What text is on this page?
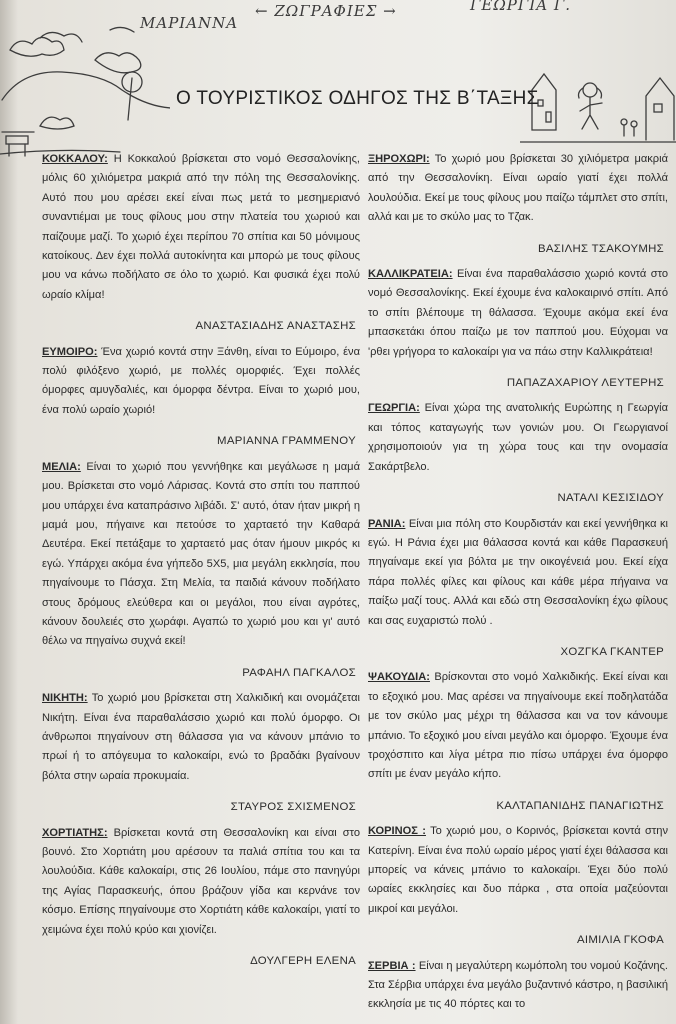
ΜΑΡΙΑΝΝΑ
← ΖΩΓΡΑΦΙΕΣ →	ΓΕΩΡΓΙΑ Γ.
Ο ΤΟΥΡΙΣΤΙΚΟΣ ΟΔΗΓΟΣ ΤΗΣ Β΄ΤΑΞΗΣ

ΚΟΚΚΑΛΟΥ: Η Κοκκαλού βρίσκεται στο νομό Θεσσαλονίκης, μόλις 60 χιλιόμετρα μακριά από την πόλη της Θεσσαλονίκης. Αυτό που μου αρέσει εκεί είναι πως μετά το μεσημεριανό συναντιέμαι με τους φίλους μου στην πλατεία του χωριού και παίζουμε μαζί. Το χωριό έχει περίπου 70 σπίτια και 50 μόνιμους κατοίκους. Δεν έχει πολλά αυτοκίνητα και μπορώ με τους φίλους μου να κάνω ποδήλατο σε όλο το χωριό. Και φυσικά έχει πολύ ωραίο κλίμα!

ΑΝΑΣΤΑΣΙΑΔΗΣ ΑΝΑΣΤΑΣΗΣ

ΕΥΜΟΙΡΟ: Ένα χωριό κοντά στην Ξάνθη, είναι το Εύμοιρο, ένα πολύ φιλόξενο χωριό, με πολλές ομορφιές. Έχει πολλές όμορφες αμυγδαλιές, και όμορφα δέντρα. Είναι το χωριό μου, ένα πολύ ωραίο χωριό!

ΜΑΡΙΑΝΝΑ ΓΡΑΜΜΕΝΟΥ

ΜΕΛΙΑ: Είναι το χωριό που γεννήθηκε και μεγάλωσε η μαμά μου. Βρίσκεται στο νομό Λάρισας. Κοντά στο σπίτι του παππού μου υπάρχει ένα καταπράσινο λιβάδι. Σ' αυτό, όταν ήταν μικρή η μαμά μου, πήγαινε και πετούσε το χαρταετό την Καθαρά Δευτέρα. Εκεί πετάξαμε το χαρταετό μας όταν ήμουν μικρός κι εγώ. Υπάρχει ακόμα ένα γήπεδο 5Χ5, μια μεγάλη εκκλησία, που πηγαίνουμε το Πάσχα. Στη Μελία, τα παιδιά κάνουν ποδήλατο στους δρόμους ελεύθερα και οι μεγάλοι, που είναι αγρότες, κάνουν δουλειές στο χωράφι. Αγαπώ το χωριό μου και γι' αυτό θέλω να πηγαίνω συχνά εκεί!

ΡΑΦΑΗΛ ΠΑΓΚΑΛΟΣ

ΝΙΚΗΤΗ: Το χωριό μου βρίσκεται στη Χαλκιδική και ονομάζεται Νικήτη. Είναι ένα παραθαλάσσιο χωριό και πολύ όμορφο. Οι άνθρωποι πηγαίνουν στη θάλασσα για να κάνουν μπάνιο το πρωί ή το απόγευμα το καλοκαίρι, ενώ το βραδάκι βγαίνουν βόλτα στην ωραία προκυμαία.

ΣΤΑΥΡΟΣ ΣΧΙΣΜΕΝΟΣ

ΧΟΡΤΙΑΤΗΣ: Βρίσκεται κοντά στη Θεσσαλονίκη και είναι στο βουνό. Στο Χορτιάτη μου αρέσουν τα παλιά σπίτια του και τα λουλούδια. Κάθε καλοκαίρι, στις 26 Ιουλίου, πάμε στο πανηγύρι της Αγίας Παρασκευής, όπου βράζουν γίδα και κερνάνε τον κόσμο. Επίσης πηγαίνουμε στο Χορτιάτη κάθε καλοκαίρι, γιατί το χειμώνα έχει πολύ κρύο και χιονίζει.

ΔΟΥΛΓΕΡΗ ΕΛΕΝΑ

ΞΗΡΟΧΩΡΙ: Το χωριό μου βρίσκεται 30 χιλιόμετρα μακριά από την Θεσσαλονίκη. Είναι ωραίο γιατί έχει πολλά λουλούδια. Εκεί με τους φίλους μου παίζω τάμπλετ στο σπίτι, αλλά και με το σκύλο μας το Τζακ.

ΒΑΣΙΛΗΣ ΤΣΑΚΟΥΜΗΣ

ΚΑΛΛΙΚΡΑΤΕΙΑ: Είναι ένα παραθαλάσσιο χωριό κοντά στο νομό Θεσσαλονίκης. Εκεί έχουμε ένα καλοκαιρινό σπίτι. Από το σπίτι βλέπουμε τη θάλασσα. Έχουμε ακόμα εκεί ένα μπασκετάκι όπου παίζω με τον παππού μου. Εύχομαι να 'ρθει γρήγορα το καλοκαίρι για να πάω στην Καλλικράτεια!

ΠΑΠΑΖΑΧΑΡΙΟΥ ΛΕΥΤΕΡΗΣ

ΓΕΩΡΓΙΑ: Είναι χώρα της ανατολικής Ευρώπης η Γεωργία και τόπος καταγωγής των γονιών μου. Οι Γεωργιανοί χρησιμοποιούν για τη χώρα τους και την ονομασία Σακάρτβελο.

ΝΑΤΑΛΙ ΚΕΣΙΣΙΔΟΥ

ΡΑΝΙΑ: Είναι μια πόλη στο Κουρδιστάν και εκεί γεννήθηκα κι εγώ. Η Ράνια έχει μια θάλασσα κοντά και κάθε Παρασκευή πηγαίναμε εκεί για βόλτα με την οικογένειά μου. Εκεί είχα πάρα πολλές φίλες και φίλους και κάθε μέρα πήγαινα να παίξω μαζί τους. Αλλά και εδώ στη Θεσσαλονίκη έχω φίλους και σας ευχαριστώ πολύ .

ΧΟΖΓΚΑ ΓΚΑΝΤΕΡ

ΨΑΚΟΥΔΙΑ: Βρίσκονται στο νομό Χαλκιδικής. Εκεί είναι και το εξοχικό μου. Μας αρέσει να πηγαίνουμε εκεί ποδηλατάδα με τον σκύλο μας μέχρι τη θάλασσα και να τον κάνουμε μπάνιο. Το εξοχικό μου είναι μεγάλο και όμορφο. Έχουμε ένα τροχόσπιτο και λίγα μέτρα πιο πίσω υπάρχει ένα όμορφο σπίτι με έναν μεγάλο κήπο.

ΚΑΛΤΑΠΑΝΙΔΗΣ ΠΑΝΑΓΙΩΤΗΣ

ΚΟΡΙΝΟΣ : Το χωριό μου, ο Κορινός, βρίσκεται κοντά στην Κατερίνη. Είναι ένα πολύ ωραίο μέρος γιατί έχει θάλασσα και μπορείς να κάνεις μπάνιο το καλοκαίρι. Έχει δύο πολύ ωραίες εκκλησίες και δυο πάρκα , στα οποία μαζεύονται μικροί και μεγάλοι.

ΑΙΜΙΛΙΑ ΓΚΟΦΑ

ΣΕΡΒΙΑ : Είναι η μεγαλύτερη κωμόπολη του νομού Κοζάνης. Στα Σέρβια υπάρχει ένα μεγάλο βυζαντινό κάστρο, η βασιλική εκκλησία με τις 40 πόρτες και το
